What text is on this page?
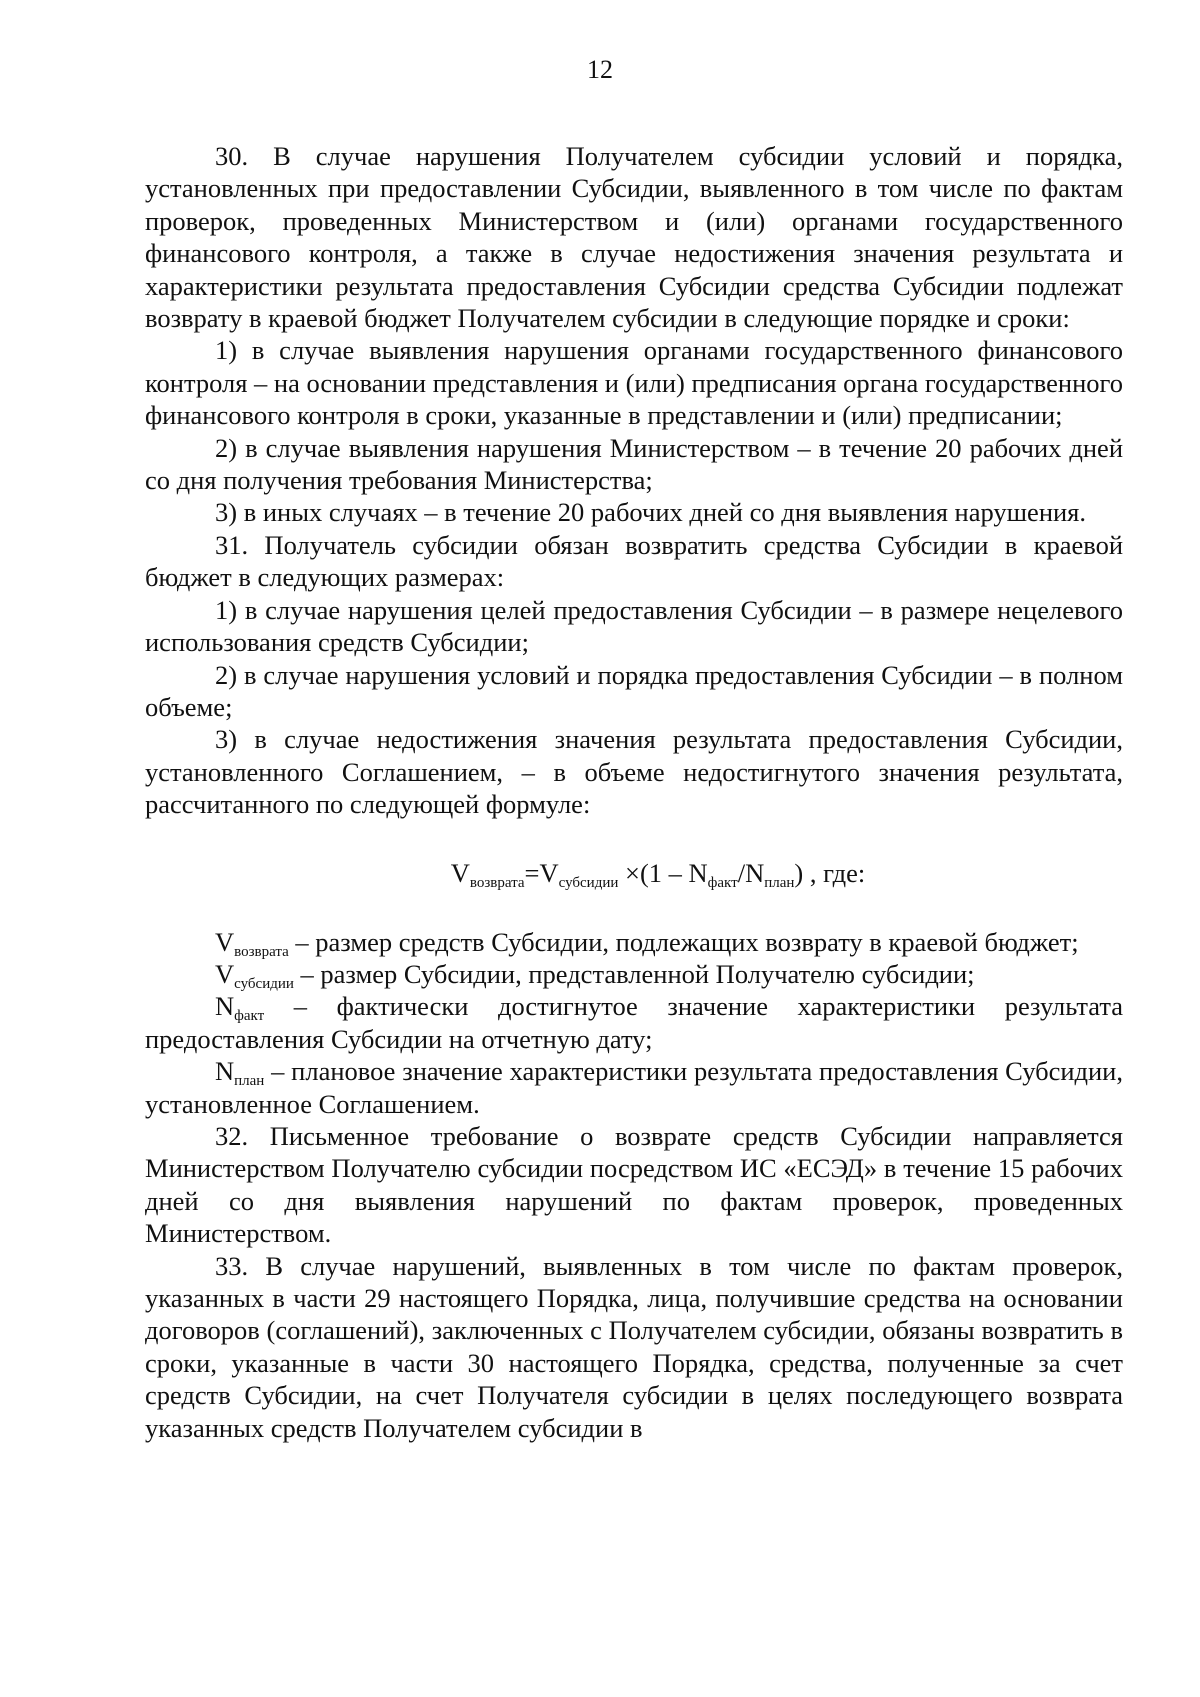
12

30. В случае нарушения Получателем субсидии условий и порядка, установленных при предоставлении Субсидии, выявленного в том числе по фактам проверок, проведенных Министерством и (или) органами государственного финансового контроля, а также в случае недостижения значения результата и характеристики результата предоставления Субсидии средства Субсидии подлежат возврату в краевой бюджет Получателем субсидии в следующие порядке и сроки:

1) в случае выявления нарушения органами государственного финансового контроля – на основании представления и (или) предписания органа государственного финансового контроля в сроки, указанные в представлении и (или) предписании;

2) в случае выявления нарушения Министерством – в течение 20 рабочих дней со дня получения требования Министерства;

3) в иных случаях – в течение 20 рабочих дней со дня выявления нарушения.

31. Получатель субсидии обязан возвратить средства Субсидии в краевой бюджет в следующих размерах:

1) в случае нарушения целей предоставления Субсидии – в размере нецелевого использования средств Субсидии;

2) в случае нарушения условий и порядка предоставления Субсидии – в полном объеме;

3) в случае недостижения значения результата предоставления Субсидии, установленного Соглашением, – в объеме недостигнутого значения результата, рассчитанного по следующей формуле:

$V_{возврата}=V_{субсидии} \times(1 - N_{факт}/N_{план})$ , где:

$V_{возврата}$ – размер средств Субсидии, подлежащих возврату в краевой бюджет;

$V_{субсидии}$ – размер Субсидии, представленной Получателю субсидии;

$N_{факт}$ – фактически достигнутое значение характеристики результата предоставления Субсидии на отчетную дату;

$N_{план}$ – плановое значение характеристики результата предоставления Субсидии, установленное Соглашением.

32. Письменное требование о возврате средств Субсидии направляется Министерством Получателю субсидии посредством ИС «ЕСЭД» в течение 15 рабочих дней со дня выявления нарушений по фактам проверок, проведенных Министерством.

33. В случае нарушений, выявленных в том числе по фактам проверок, указанных в части 29 настоящего Порядка, лица, получившие средства на основании договоров (соглашений), заключенных с Получателем субсидии, обязаны возвратить в сроки, указанные в части 30 настоящего Порядка, средства, полученные за счет средств Субсидии, на счет Получателя субсидии в целях последующего возврата указанных средств Получателем субсидии в
